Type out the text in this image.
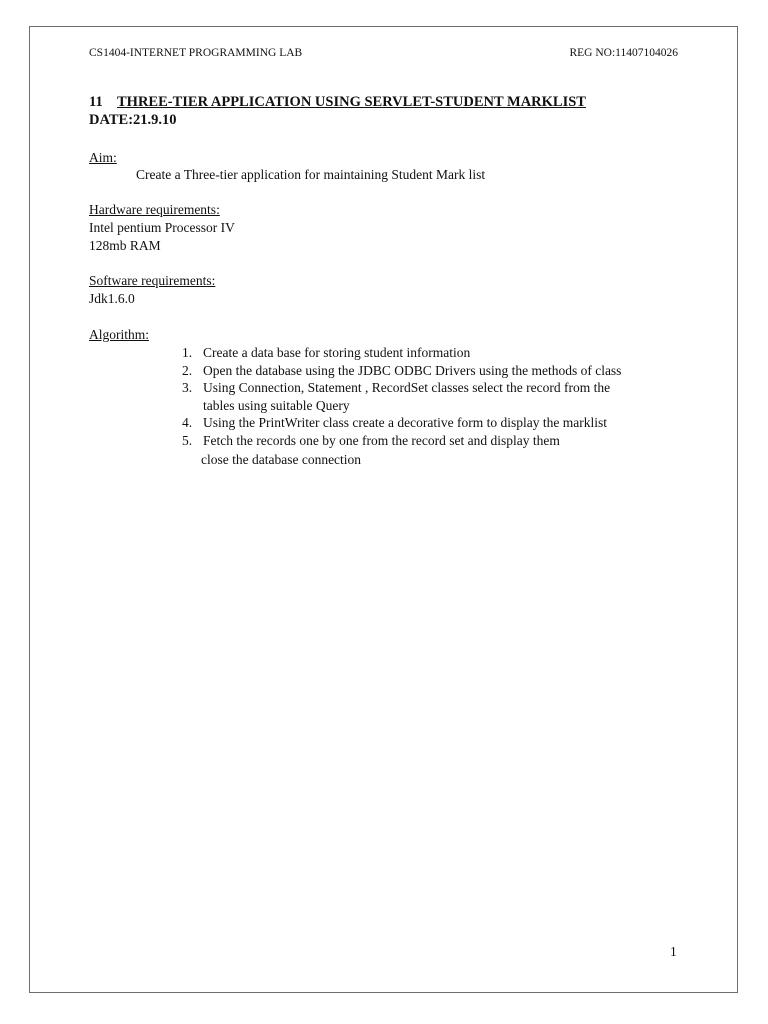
CS1404-INTERNET PROGRAMMING LAB	REG NO:11407104026
11 THREE-TIER APPLICATION USING SERVLET-STUDENT MARKLIST
DATE:21.9.10
Aim:
Create a Three-tier application for maintaining Student Mark list
Hardware requirements:
Intel pentium Processor IV
128mb RAM
Software requirements:
Jdk1.6.0
Algorithm:
1. Create a data base for storing student information
2. Open the database using the JDBC ODBC Drivers using the methods of class
3. Using Connection, Statement , RecordSet classes select the record from the
tables using suitable Query
4. Using the PrintWriter class create a decorative form to display the marklist
5. Fetch the records one by one from the record set and display them
close the database connection
1
